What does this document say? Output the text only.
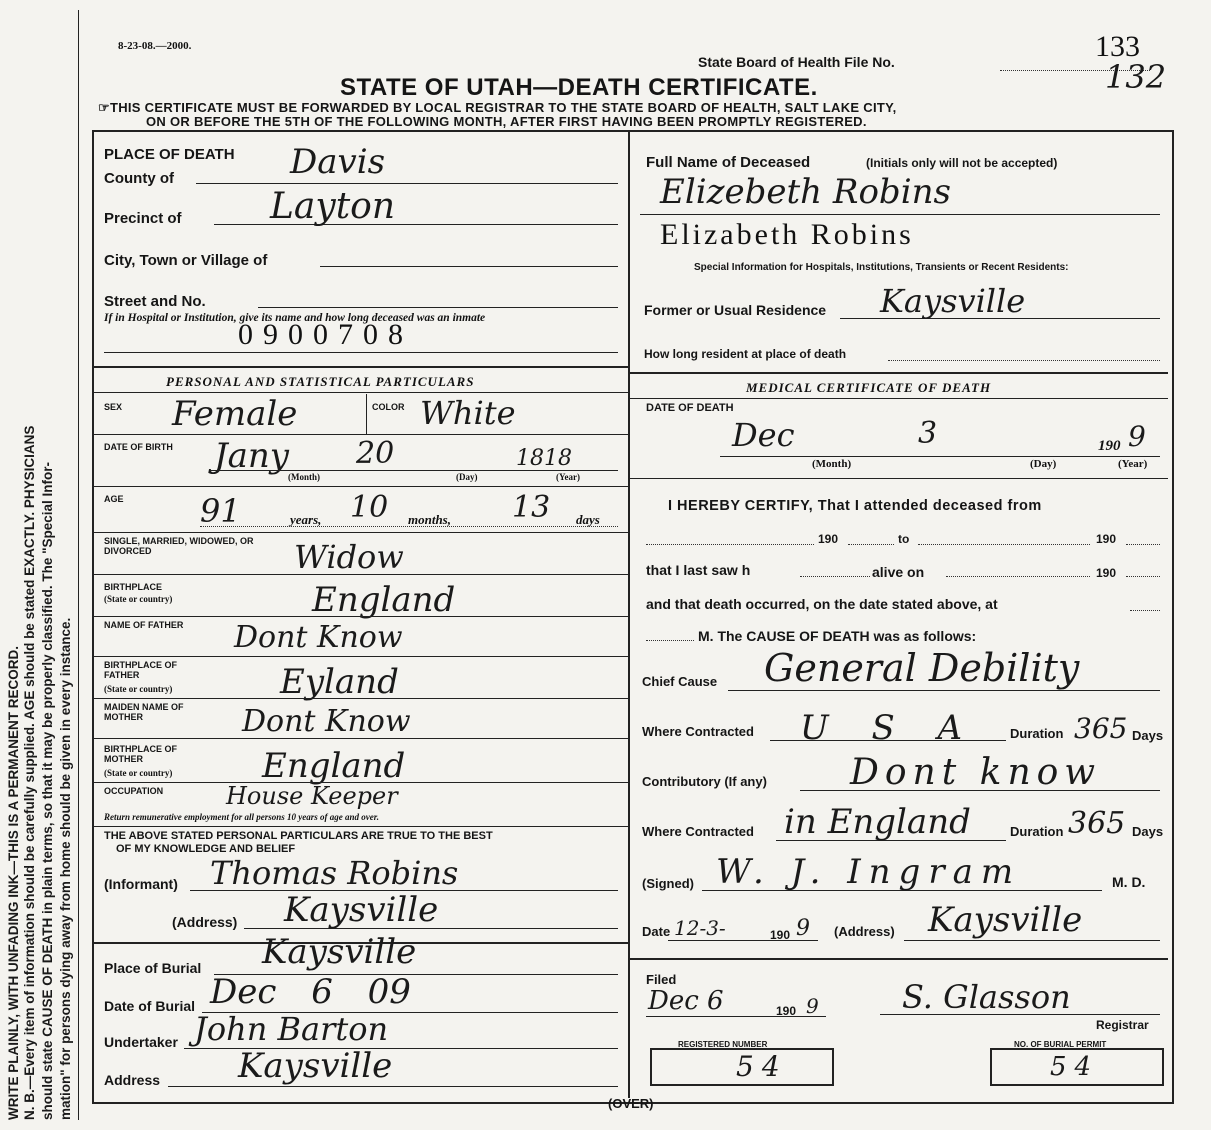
WRITE PLAINLY, WITH UNFADING INK—THIS IS A PERMANENT RECORD. N. B.—Every item of information should be carefully supplied. AGE should be stated EXACTLY. PHYSICIANS should state CAUSE OF DEATH in plain terms, so that it may be properly classified. The "Special Infor- mation" for persons dying away from home should be given in every instance.
8-23-08.—2000.
State Board of Health File No.	133
132
STATE OF UTAH—DEATH CERTIFICATE.
☞THIS CERTIFICATE MUST BE FORWARDED BY LOCAL REGISTRAR TO THE STATE BOARD OF HEALTH, SALT LAKE CITY,
ON OR BEFORE THE 5TH OF THE FOLLOWING MONTH, AFTER FIRST HAVING BEEN PROMPTLY REGISTERED.
PLACE OF DEATH
County of	Davis
Precinct of Layton
City, Town or Village of
Street and No.
If in Hospital or Institution, give its name and how long deceased was an inmate
0900708
Full Name of Deceased	(Initials only will not be accepted)
Elizebeth Robins
Elizabeth Robins
Special Information for Hospitals, Institutions, Transients or Recent Residents:
Former or Usual Residence Kaysville
How long resident at place of death
PERSONAL AND STATISTICAL PARTICULARS
SEX Female	COLOR White
DATE OF BIRTH Jany 20	1818
(Month)	(Day)	(Year)
AGE 91	years, 10 months, 13 days
SINGLE, MARRIED, WIDOWED, OR DIVORCED	Widow
BIRTHPLACE
(State or country)	England
NAME OF FATHER Dont Know
BIRTHPLACE OF FATHER
(State or country)	Eyland
MAIDEN NAME OF MOTHER	Dont Know
BIRTHPLACE OF MOTHER
(State or country)	England
OCCUPATION	House Keeper
Return remunerative employment for all persons 10 years of age and over.
THE ABOVE STATED PERSONAL PARTICULARS ARE TRUE TO THE BEST
OF MY KNOWLEDGE AND BELIEF
(Informant) Thomas Robins
(Address) Kaysville
Place of Burial Kaysville
Date of Burial Dec 6 09
Undertaker John Barton
Address Kaysville
MEDICAL CERTIFICATE OF DEATH
DATE OF DEATH
Dec	3	190 9
(Month)	(Day)	(Year)
I HEREBY CERTIFY, That I attended deceased from
190	to	190
that I last saw h	alive on	190
and that death occurred, on the date stated above, at
M. The CAUSE OF DEATH was as follows:
Chief Cause General Debility
Where Contracted U S A Duration 365 Days
Contributory (If any) Dont know
Where Contracted in England	Duration 365 Days
(Signed) W. J. Ingram	M. D.
Date 12-3-	190 9 (Address) Kaysville
Filed
Dec 6	190 9	S. Glasson
Registrar
REGISTERED NUMBER
54
NO. OF BURIAL PERMIT
54
(OVER)
